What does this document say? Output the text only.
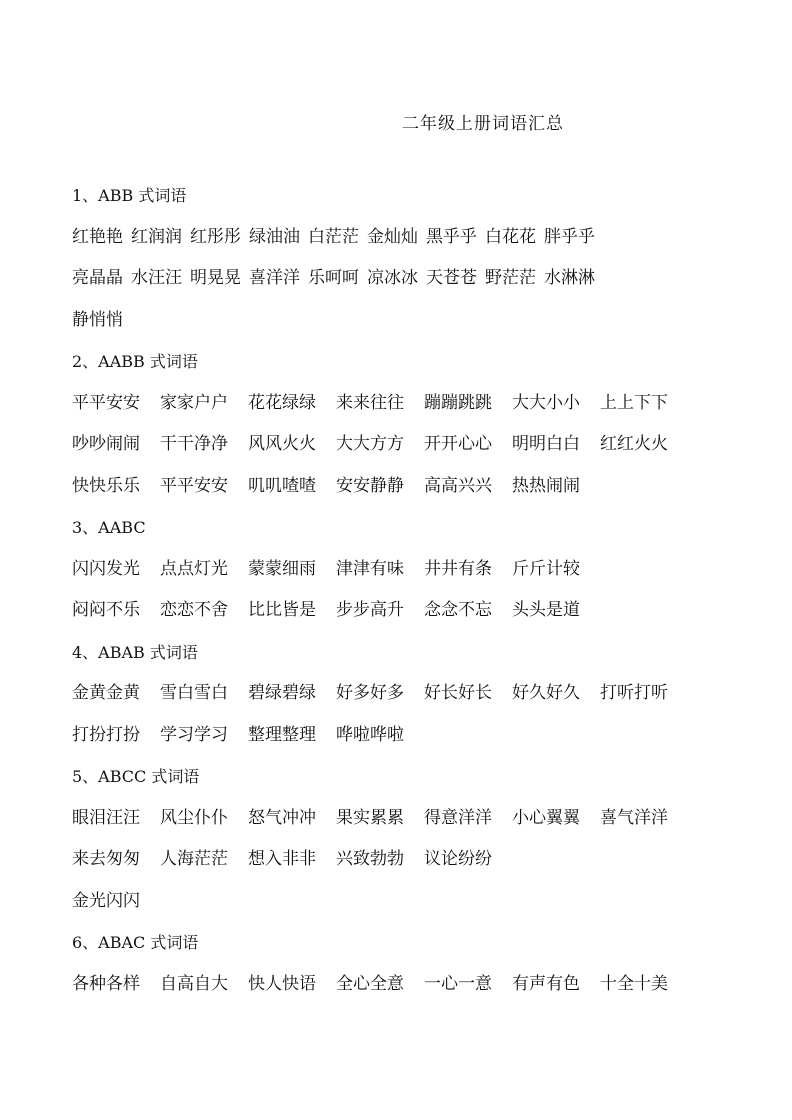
二年级上册词语汇总
1、ABB 式词语
红艳艳 红润润 红彤彤 绿油油 白茫茫 金灿灿 黑乎乎 白花花 胖乎乎
亮晶晶 水汪汪 明晃晃 喜洋洋 乐呵呵 凉冰冰 天苍苍 野茫茫 水淋淋
静悄悄
2、AABB 式词语
平平安安 家家户户 花花绿绿 来来往往 蹦蹦跳跳 大大小小 上上下下
吵吵闹闹 干干净净 风风火火 大大方方 开开心心 明明白白 红红火火
快快乐乐 平平安安 叽叽喳喳 安安静静 高高兴兴 热热闹闹
3、AABC
闪闪发光 点点灯光 蒙蒙细雨 津津有味 井井有条 斤斤计较
闷闷不乐 恋恋不舍 比比皆是 步步高升 念念不忘 头头是道
4、ABAB 式词语
金黄金黄 雪白雪白 碧绿碧绿 好多好多 好长好长 好久好久 打听打听
打扮打扮 学习学习 整理整理 哗啦哗啦
5、ABCC 式词语
眼泪汪汪 风尘仆仆 怒气冲冲 果实累累 得意洋洋 小心翼翼 喜气洋洋
来去匆匆 人海茫茫 想入非非 兴致勃勃 议论纷纷
金光闪闪
6、ABAC 式词语
各种各样 自高自大 快人快语 全心全意 一心一意 有声有色 十全十美
